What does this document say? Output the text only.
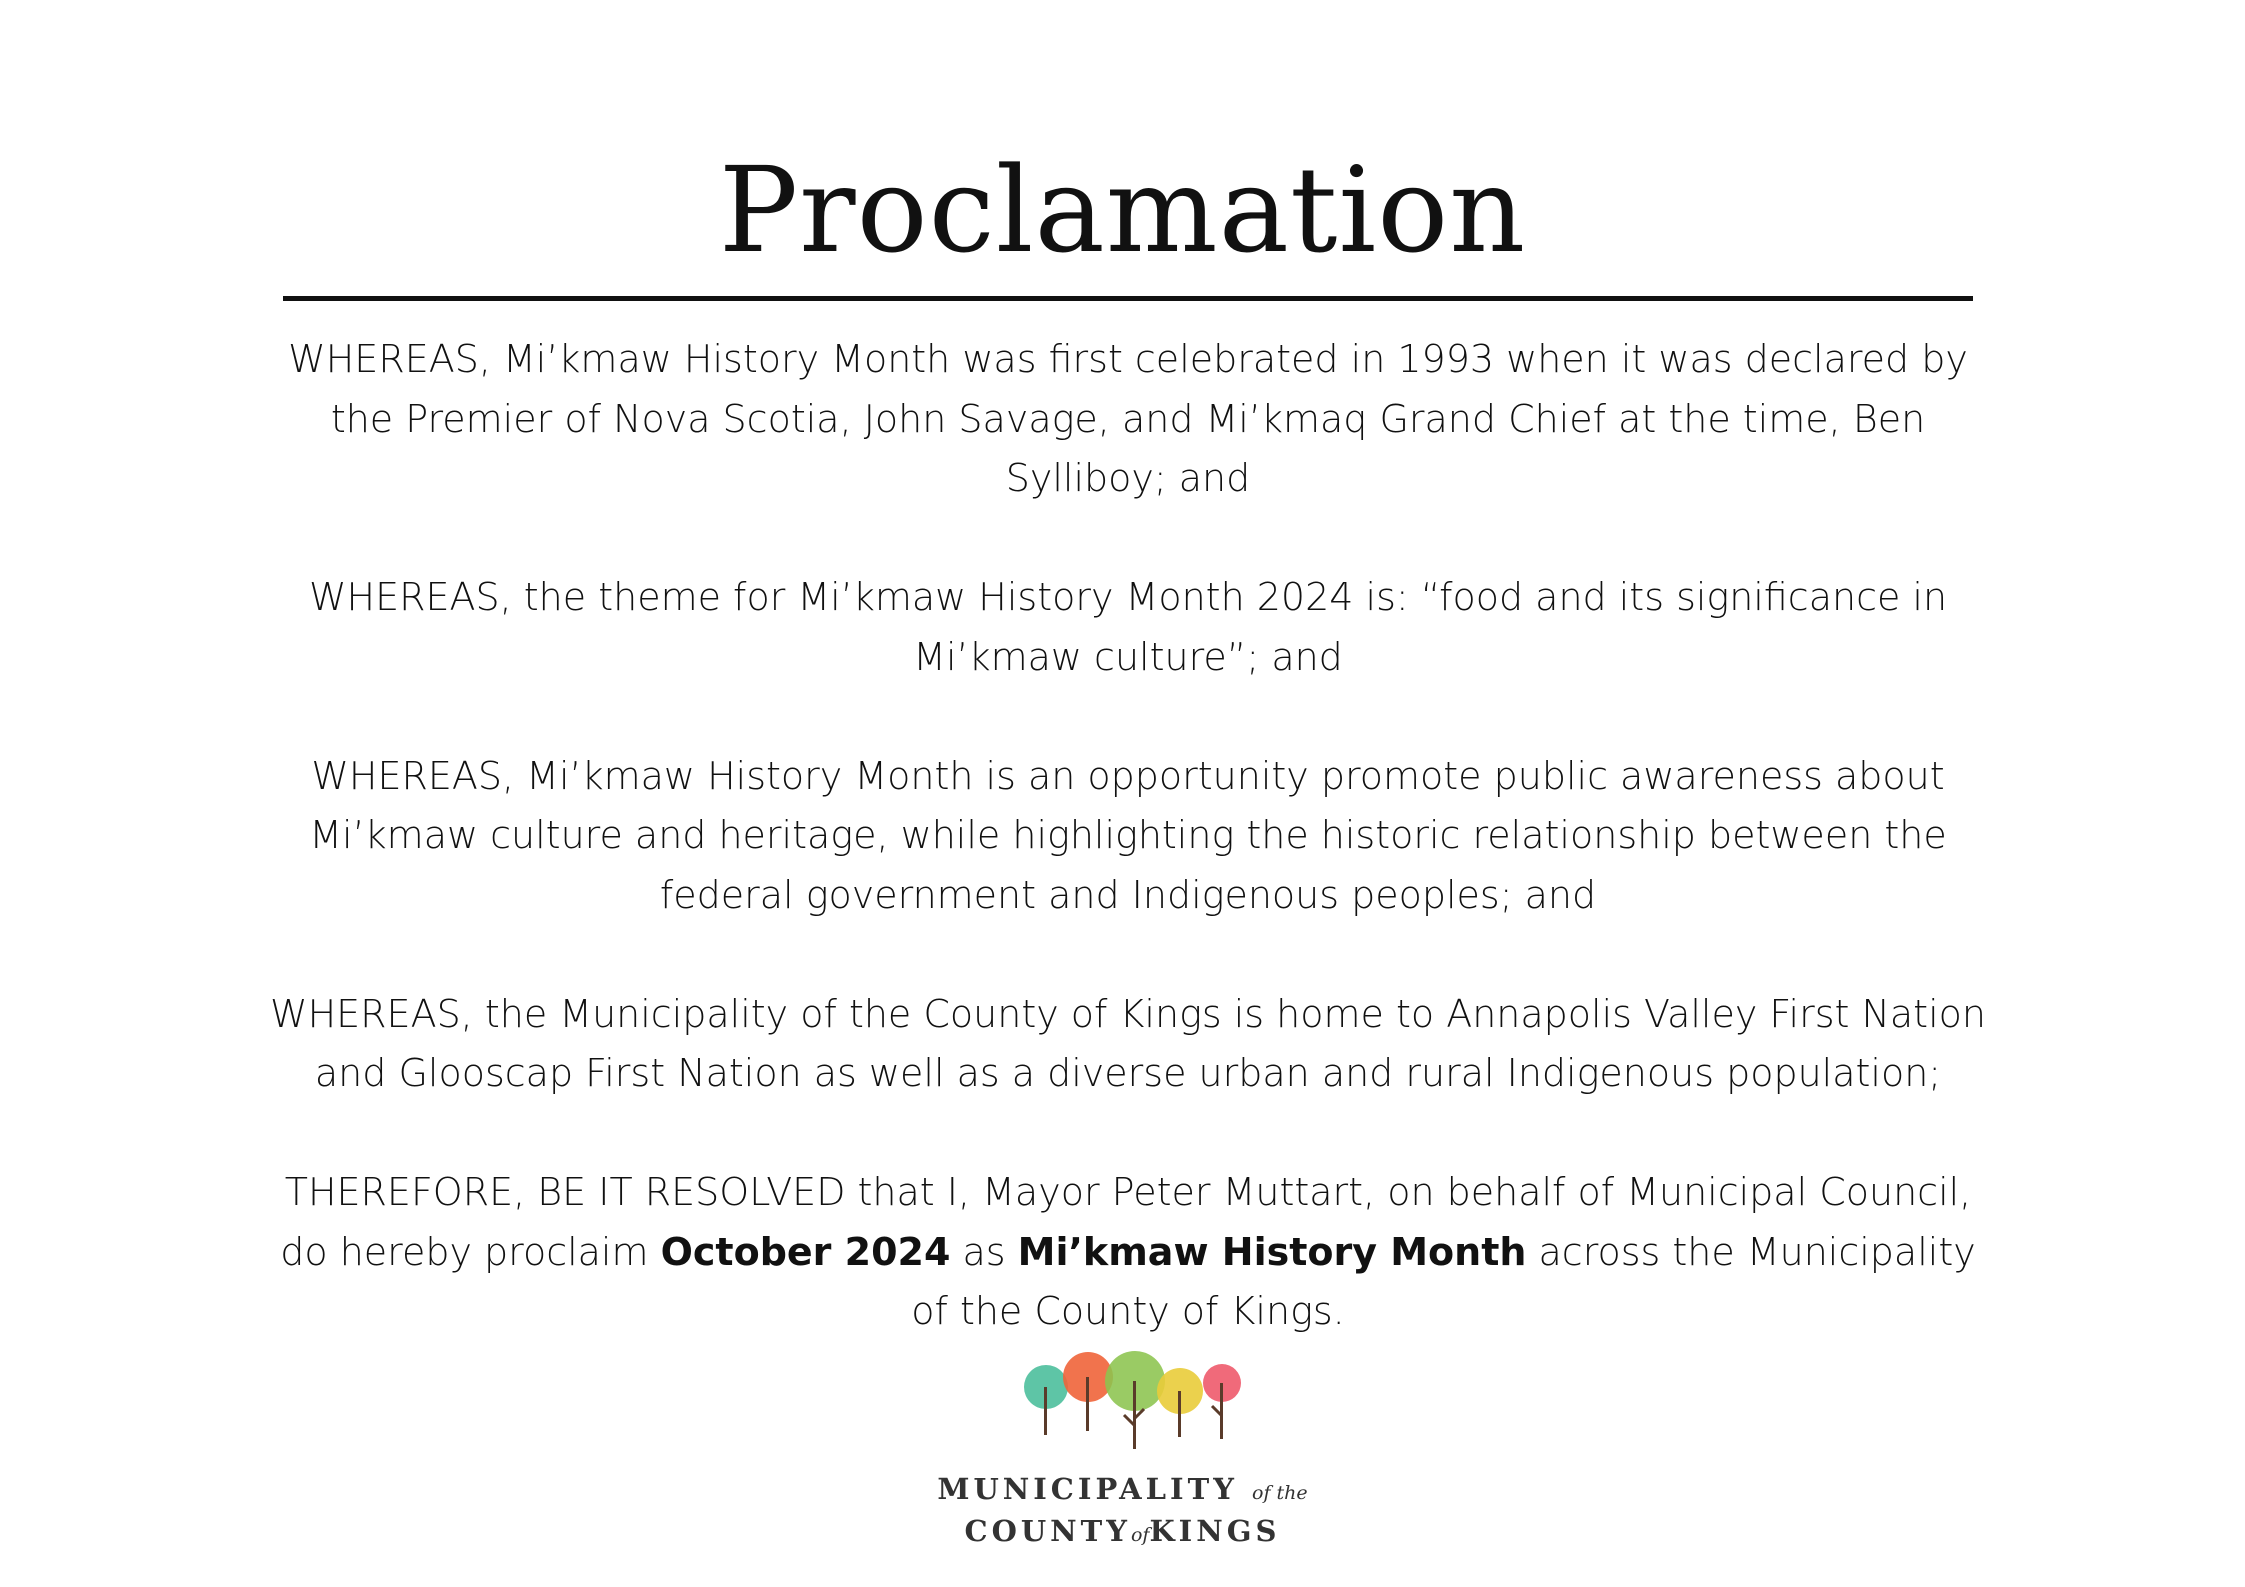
Proclamation

WHEREAS, Mi’kmaw History Month was first celebrated in 1993 when it was declared by the Premier of Nova Scotia, John Savage, and Mi’kmaq Grand Chief at the time, Ben Sylliboy; and

WHEREAS, the theme for Mi’kmaw History Month 2024 is: “food and its significance in Mi’kmaw culture”; and

WHEREAS, Mi’kmaw History Month is an opportunity promote public awareness about Mi’kmaw culture and heritage, while highlighting the historic relationship between the federal government and Indigenous peoples; and

WHEREAS, the Municipality of the County of Kings is home to Annapolis Valley First Nation and Glooscap First Nation as well as a diverse urban and rural Indigenous population;

THEREFORE, BE IT RESOLVED that I, Mayor Peter Muttart, on behalf of Municipal Council, do hereby proclaim October 2024 as Mi’kmaw History Month across the Municipality of the County of Kings.

MUNICIPALITY of the
COUNTYofKINGS
